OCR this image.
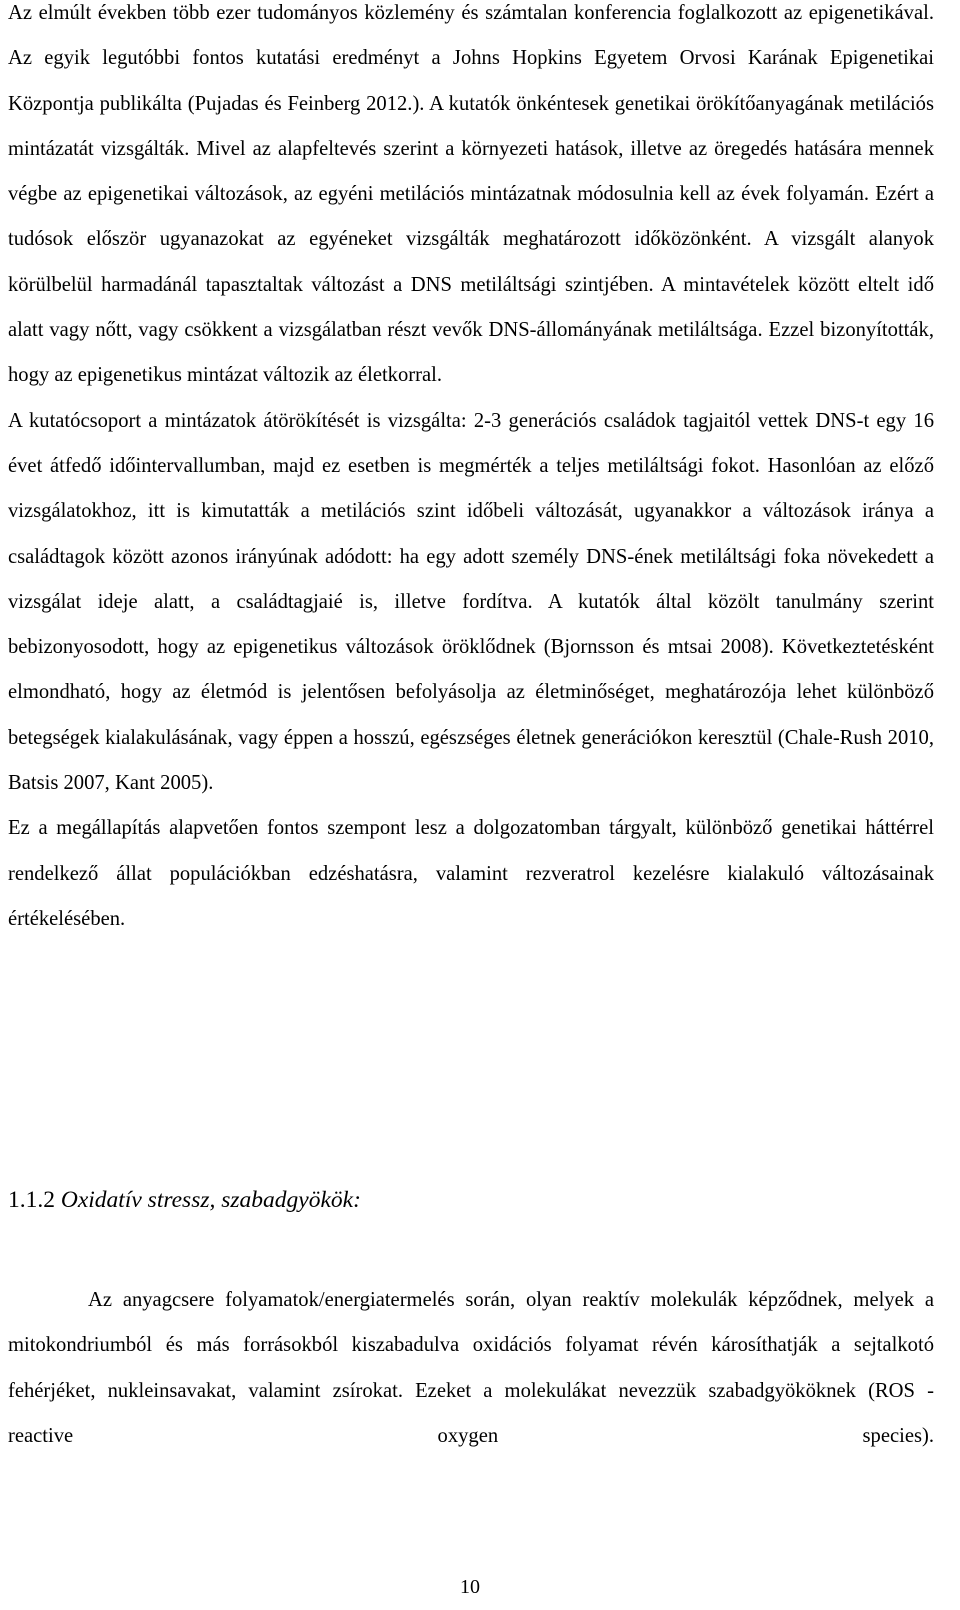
Az elmúlt években több ezer tudományos közlemény és számtalan konferencia foglalkozott az epigenetikával. Az egyik legutóbbi fontos kutatási eredményt a Johns Hopkins Egyetem Orvosi Karának Epigenetikai Központja publikálta (Pujadas és Feinberg 2012.). A kutatók önkéntesek genetikai örökítőanyagának metilációs mintázatát vizsgálták. Mivel az alapfeltevés szerint a környezeti hatások, illetve az öregedés hatására mennek végbe az epigenetikai változások, az egyéni metilációs mintázatnak módosulnia kell az évek folyamán. Ezért a tudósok először ugyanazokat az egyéneket vizsgálták meghatározott időközönként. A vizsgált alanyok körülbelül harmadánál tapasztaltak változást a DNS metiláltsági szintjében. A mintavételek között eltelt idő alatt vagy nőtt, vagy csökkent a vizsgálatban részt vevők DNS-állományának metiláltsága. Ezzel bizonyították, hogy az epigenetikus mintázat változik az életkorral.

A kutatócsoport a mintázatok átörökítését is vizsgálta: 2-3 generációs családok tagjaitól vettek DNS-t egy 16 évet átfedő időintervallumban, majd ez esetben is megmérték a teljes metiláltsági fokot. Hasonlóan az előző vizsgálatokhoz, itt is kimutatták a metilációs szint időbeli változását, ugyanakkor a változások iránya a családtagok között azonos irányúnak adódott: ha egy adott személy DNS-ének metiláltsági foka növekedett a vizsgálat ideje alatt, a családtagjaié is, illetve fordítva. A kutatók által közölt tanulmány szerint bebizonyosodott, hogy az epigenetikus változások öröklődnek (Bjornsson és mtsai 2008). Következtetésként elmondható, hogy az életmód is jelentősen befolyásolja az életminőséget, meghatározója lehet különböző betegségek kialakulásának, vagy éppen a hosszú, egészséges életnek generációkon keresztül (Chale-Rush 2010, Batsis 2007, Kant 2005).

Ez a megállapítás alapvetően fontos szempont lesz a dolgozatomban tárgyalt, különböző genetikai háttérrel rendelkező állat populációkban edzéshatásra, valamint rezveratrol kezelésre kialakuló változásainak értékelésében.

1.1.2 Oxidatív stressz, szabadgyökök:

Az anyagcsere folyamatok/energiatermelés során, olyan reaktív molekulák képződnek, melyek a mitokondriumból és más forrásokból kiszabadulva oxidációs folyamat révén károsíthatják a sejtalkotó fehérjéket, nukleinsavakat, valamint zsírokat. Ezeket a molekulákat nevezzük szabadgyököknek (ROS - reactive oxygen species).

10
